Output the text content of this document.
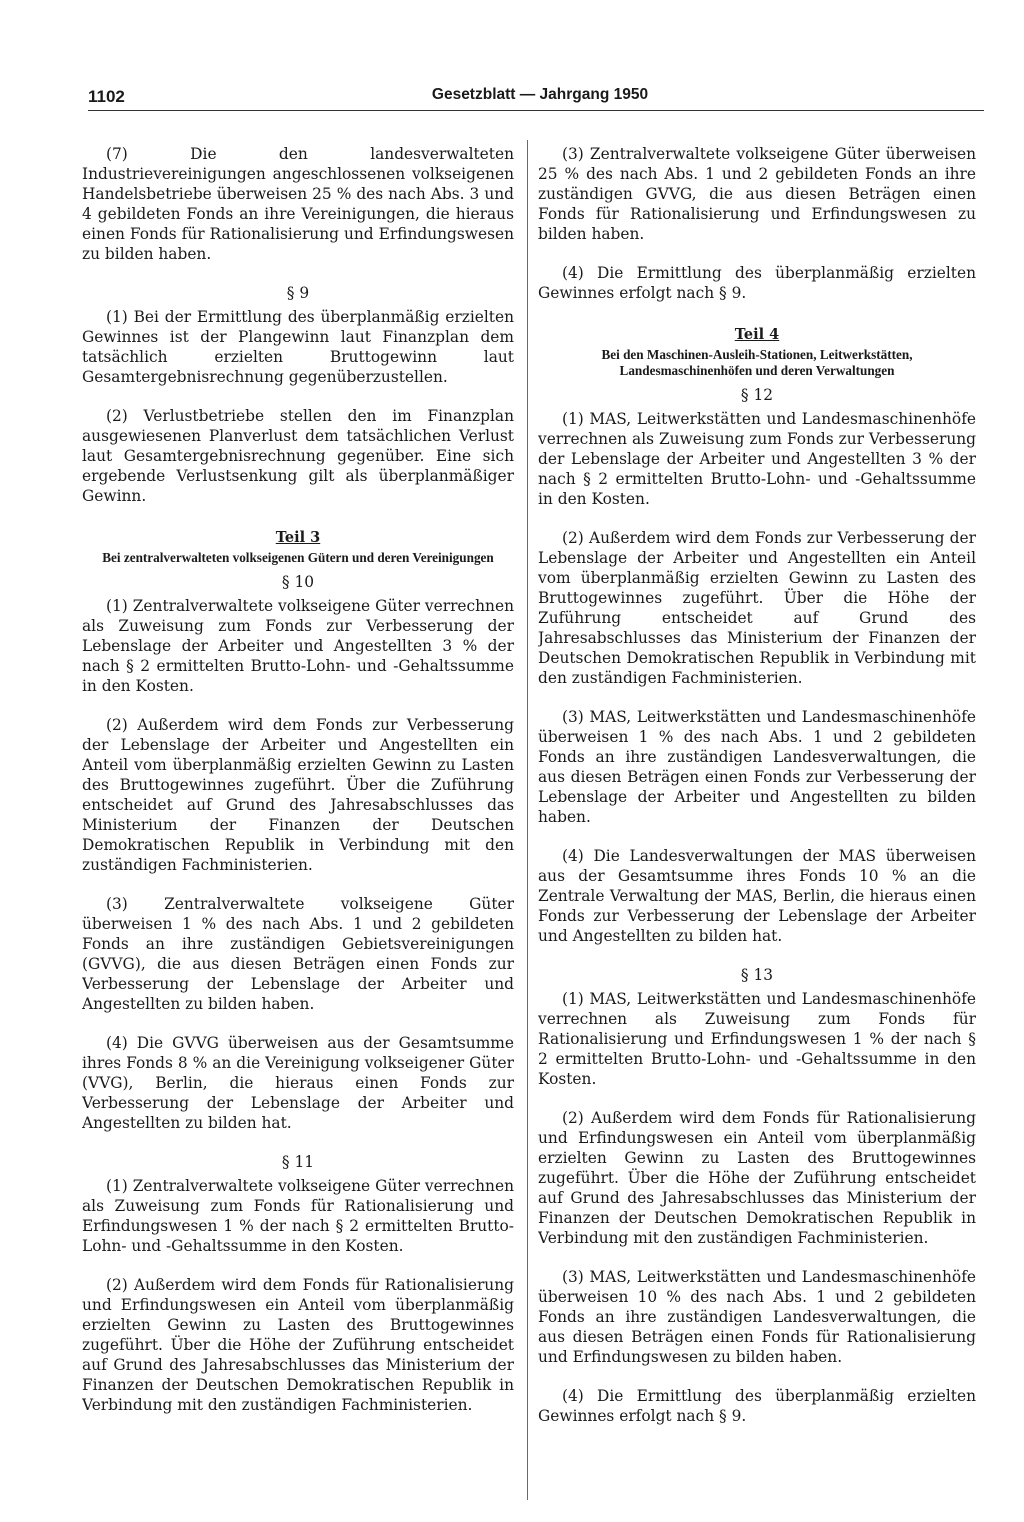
1102	Gesetzblatt — Jahrgang 1950

(7) Die den landesverwalteten Industrievereinigungen angeschlossenen volkseigenen Handelsbetriebe überweisen 25 % des nach Abs. 3 und 4 gebildeten Fonds an ihre Vereinigungen, die hieraus einen Fonds für Rationalisierung und Erfindungswesen zu bilden haben.

§ 9

(1) Bei der Ermittlung des überplanmäßig erzielten Gewinnes ist der Plangewinn laut Finanzplan dem tatsächlich erzielten Bruttogewinn laut Gesamtergebnisrechnung gegenüberzustellen.

(2) Verlustbetriebe stellen den im Finanzplan ausgewiesenen Planverlust dem tatsächlichen Verlust laut Gesamtergebnisrechnung gegenüber. Eine sich ergebende Verlustsenkung gilt als überplanmäßiger Gewinn.

Teil 3
Bei zentralverwalteten volkseigenen Gütern und deren Vereinigungen
§ 10

(1) Zentralverwaltete volkseigene Güter verrechnen als Zuweisung zum Fonds zur Verbesserung der Lebenslage der Arbeiter und Angestellten 3 % der nach § 2 ermittelten Brutto-Lohn- und -Gehaltssumme in den Kosten.

(2) Außerdem wird dem Fonds zur Verbesserung der Lebenslage der Arbeiter und Angestellten ein Anteil vom überplanmäßig erzielten Gewinn zu Lasten des Bruttogewinnes zugeführt. Über die Zuführung entscheidet auf Grund des Jahresabschlusses das Ministerium der Finanzen der Deutschen Demokratischen Republik in Verbindung mit den zuständigen Fachministerien.

(3) Zentralverwaltete volkseigene Güter überweisen 1 % des nach Abs. 1 und 2 gebildeten Fonds an ihre zuständigen Gebietsvereinigungen (GVVG), die aus diesen Beträgen einen Fonds zur Verbesserung der Lebenslage der Arbeiter und Angestellten zu bilden haben.

(4) Die GVVG überweisen aus der Gesamtsumme ihres Fonds 8 % an die Vereinigung volkseigener Güter (VVG), Berlin, die hieraus einen Fonds zur Verbesserung der Lebenslage der Arbeiter und Angestellten zu bilden hat.

§ 11

(1) Zentralverwaltete volkseigene Güter verrechnen als Zuweisung zum Fonds für Rationalisierung und Erfindungswesen 1 % der nach § 2 ermittelten Brutto-Lohn- und -Gehaltssumme in den Kosten.

(2) Außerdem wird dem Fonds für Rationalisierung und Erfindungswesen ein Anteil vom überplanmäßig erzielten Gewinn zu Lasten des Bruttogewinnes zugeführt. Über die Höhe der Zuführung entscheidet auf Grund des Jahresabschlusses das Ministerium der Finanzen der Deutschen Demokratischen Republik in Verbindung mit den zuständigen Fachministerien.

(3) Zentralverwaltete volkseigene Güter überweisen 25 % des nach Abs. 1 und 2 gebildeten Fonds an ihre zuständigen GVVG, die aus diesen Beträgen einen Fonds für Rationalisierung und Erfindungswesen zu bilden haben.

(4) Die Ermittlung des überplanmäßig erzielten Gewinnes erfolgt nach § 9.

Teil 4
Bei den Maschinen-Ausleih-Stationen, Leitwerkstätten, Landesmaschinenhöfen und deren Verwaltungen
§ 12

(1) MAS, Leitwerkstätten und Landesmaschinenhöfe verrechnen als Zuweisung zum Fonds zur Verbesserung der Lebenslage der Arbeiter und Angestellten 3 % der nach § 2 ermittelten Brutto-Lohn- und -Gehaltssumme in den Kosten.

(2) Außerdem wird dem Fonds zur Verbesserung der Lebenslage der Arbeiter und Angestellten ein Anteil vom überplanmäßig erzielten Gewinn zu Lasten des Bruttogewinnes zugeführt. Über die Höhe der Zuführung entscheidet auf Grund des Jahresabschlusses das Ministerium der Finanzen der Deutschen Demokratischen Republik in Verbindung mit den zuständigen Fachministerien.

(3) MAS, Leitwerkstätten und Landesmaschinenhöfe überweisen 1 % des nach Abs. 1 und 2 gebildeten Fonds an ihre zuständigen Landesverwaltungen, die aus diesen Beträgen einen Fonds zur Verbesserung der Lebenslage der Arbeiter und Angestellten zu bilden haben.

(4) Die Landesverwaltungen der MAS überweisen aus der Gesamtsumme ihres Fonds 10 % an die Zentrale Verwaltung der MAS, Berlin, die hieraus einen Fonds zur Verbesserung der Lebenslage der Arbeiter und Angestellten zu bilden hat.

§ 13

(1) MAS, Leitwerkstätten und Landesmaschinenhöfe verrechnen als Zuweisung zum Fonds für Rationalisierung und Erfindungswesen 1 % der nach § 2 ermittelten Brutto-Lohn- und -Gehaltssumme in den Kosten.

(2) Außerdem wird dem Fonds für Rationalisierung und Erfindungswesen ein Anteil vom überplanmäßig erzielten Gewinn zu Lasten des Bruttogewinnes zugeführt. Über die Höhe der Zuführung entscheidet auf Grund des Jahresabschlusses das Ministerium der Finanzen der Deutschen Demokratischen Republik in Verbindung mit den zuständigen Fachministerien.

(3) MAS, Leitwerkstätten und Landesmaschinenhöfe überweisen 10 % des nach Abs. 1 und 2 gebildeten Fonds an ihre zuständigen Landesverwaltungen, die aus diesen Beträgen einen Fonds für Rationalisierung und Erfindungswesen zu bilden haben.

(4) Die Ermittlung des überplanmäßig erzielten Gewinnes erfolgt nach § 9.
